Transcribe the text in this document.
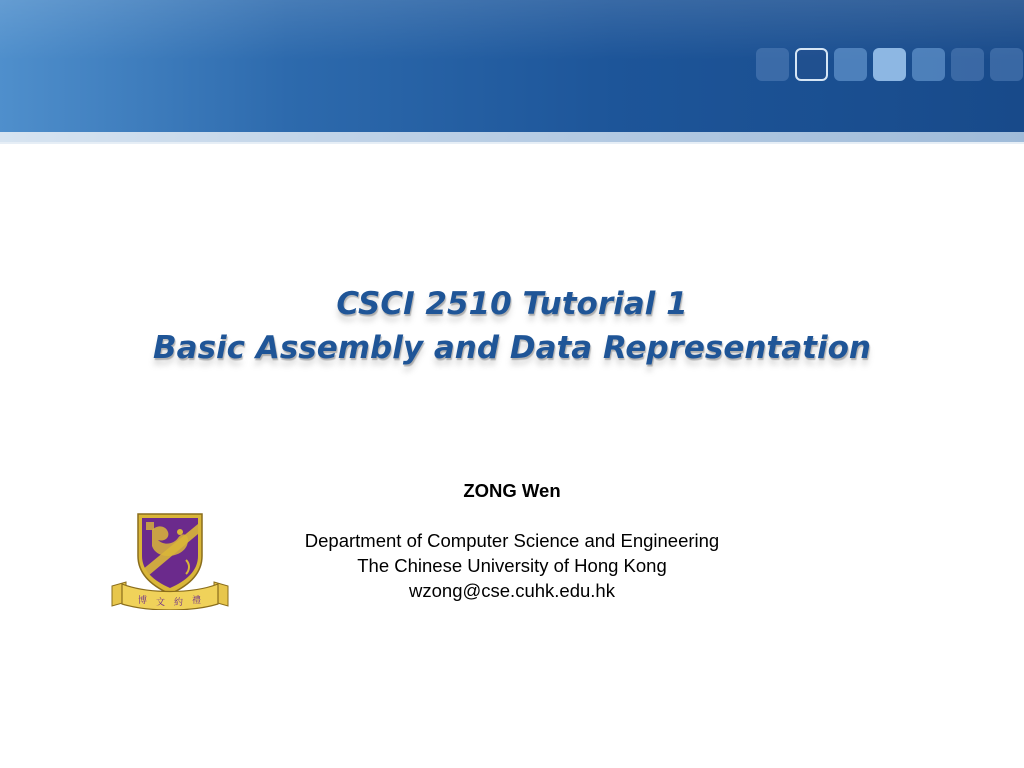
CSCI 2510 Tutorial 1
Basic Assembly and Data Representation
ZONG Wen
Department of Computer Science and Engineering
The Chinese University of Hong Kong
wzong@cse.cuhk.edu.hk
博 文 約 禮
